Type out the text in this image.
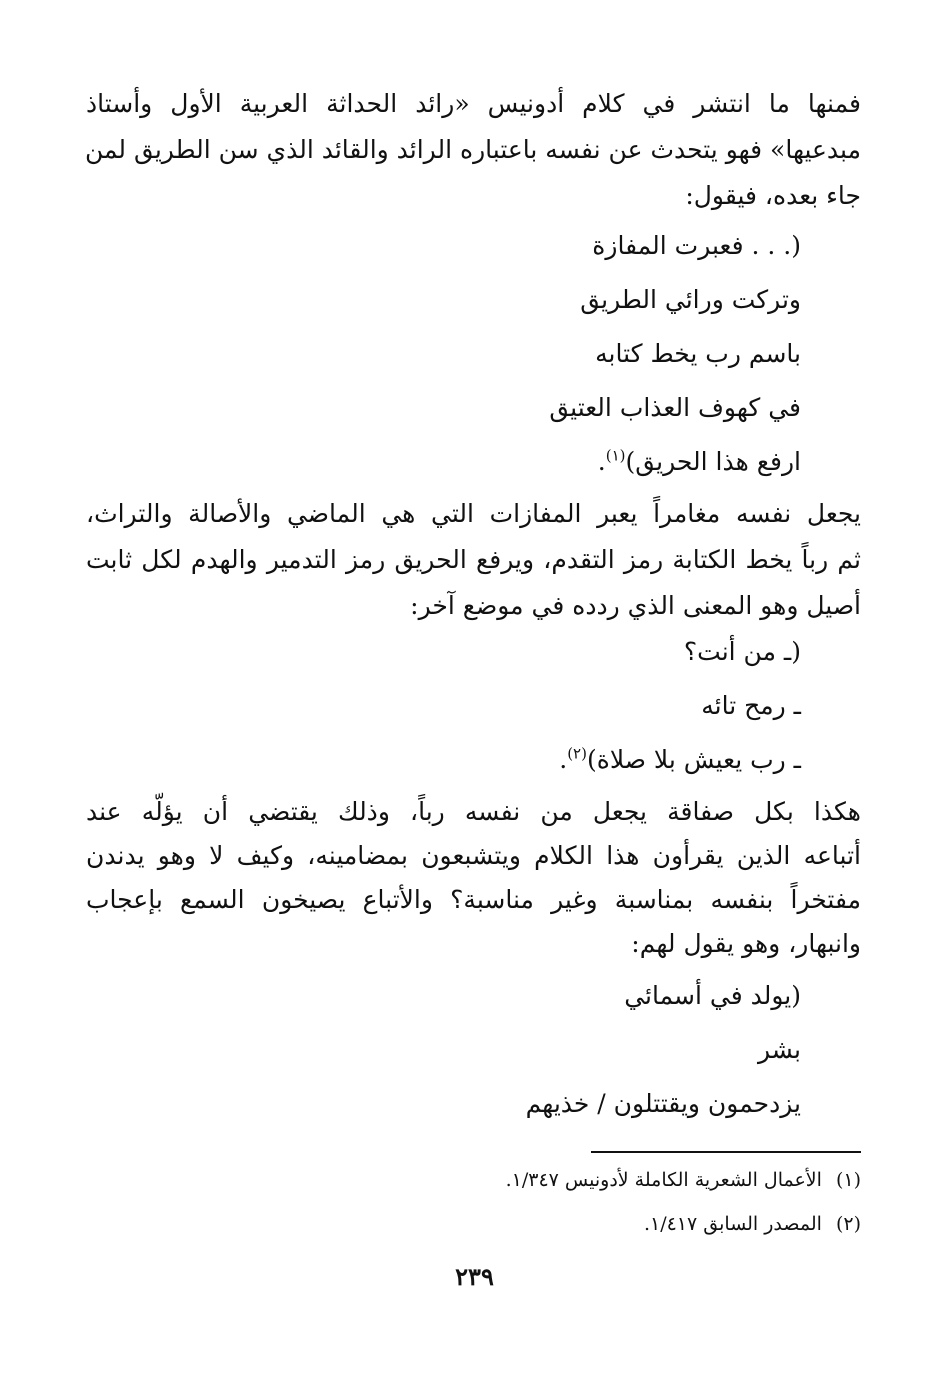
فمنها ما انتشر في كلام أدونيس «رائد الحداثة العربية الأول وأستاذ
مبدعيها» فهو يتحدث عن نفسه باعتباره الرائد والقائد الذي سن الطريق لمن
جاء بعده، فيقول:
(. . . فعبرت المفازة
وتركت ورائي الطريق
باسم رب يخط كتابه
في كهوف العذاب العتيق
ارفع هذا الحريق)$^{(١)}$.
يجعل نفسه مغامراً يعبر المفازات التي هي الماضي والأصالة والتراث،
ثم رباً يخط الكتابة رمز التقدم، ويرفع الحريق رمز التدمير والهدم لكل ثابت
أصيل وهو المعنى الذي ردده في موضع آخر:
(ـ من أنت؟
ـ رمح تائه
ـ رب يعيش بلا صلاة)$^{(٢)}$.
هكذا بكل صفاقة يجعل من نفسه رباً، وذلك يقتضي أن يؤلّه عند
أتباعه الذين يقرأون هذا الكلام ويتشبعون بمضامينه، وكيف لا وهو يدندن
مفتخراً بنفسه بمناسبة وغير مناسبة؟ والأتباع يصيخون السمع بإعجاب
وانبهار، وهو يقول لهم:
(يولد في أسمائي
بشر
يزدحمون ويقتتلون / خذيهم
(١)الأعمال الشعرية الكاملة لأدونيس ١/٣٤٧.
(٢)المصدر السابق ١/٤١٧.
٢٣٩
